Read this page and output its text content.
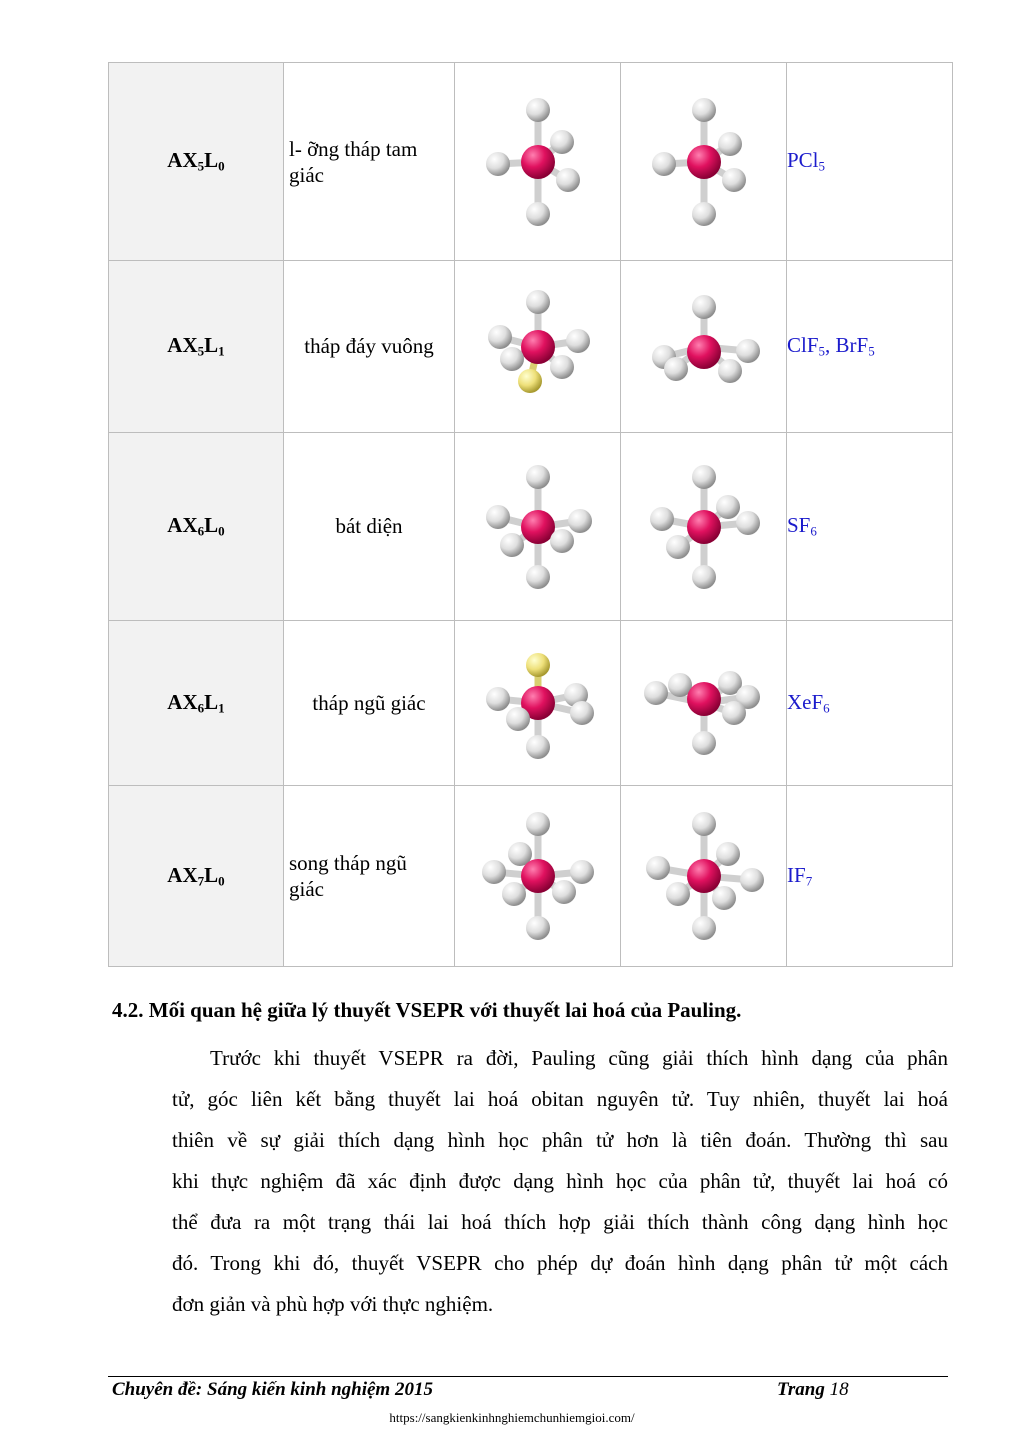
$AX_5L_0$	l- ỡng tháp tam
giác			PCl$_5$
$AX_5L_1$	tháp đáy vuông			ClF$_5$, BrF$_5$
$AX_6L_0$	bát diện			$SF_6$
$AX_6L_1$	tháp ngũ giác			XeF$_6$
$AX_7L_0$	song tháp ngũ
giác			$IF_7$
4.2. Mối quan hệ giữa lý thuyết VSEPR với thuyết lai hoá của Pauling.
Trước khi thuyết VSEPR ra đời, Pauling cũng giải thích hình dạng của phân
tử, góc liên kết bằng thuyết lai hoá obitan nguyên tử. Tuy nhiên, thuyết lai hoá
thiên về sự giải thích dạng hình học phân tử hơn là tiên đoán. Thường thì sau
khi thực nghiệm đã xác định được dạng hình học của phân tử, thuyết lai hoá có
thể đưa ra một trạng thái lai hoá thích hợp giải thích thành công dạng hình học
đó. Trong khi đó, thuyết VSEPR cho phép dự đoán hình dạng phân tử một cách
đơn giản và phù hợp với thực nghiệm.
Chuyên đề: Sáng kiến kinh nghiệm 2015	Trang 18
https://sangkienkinhnghiemchunhiemgioi.com/
